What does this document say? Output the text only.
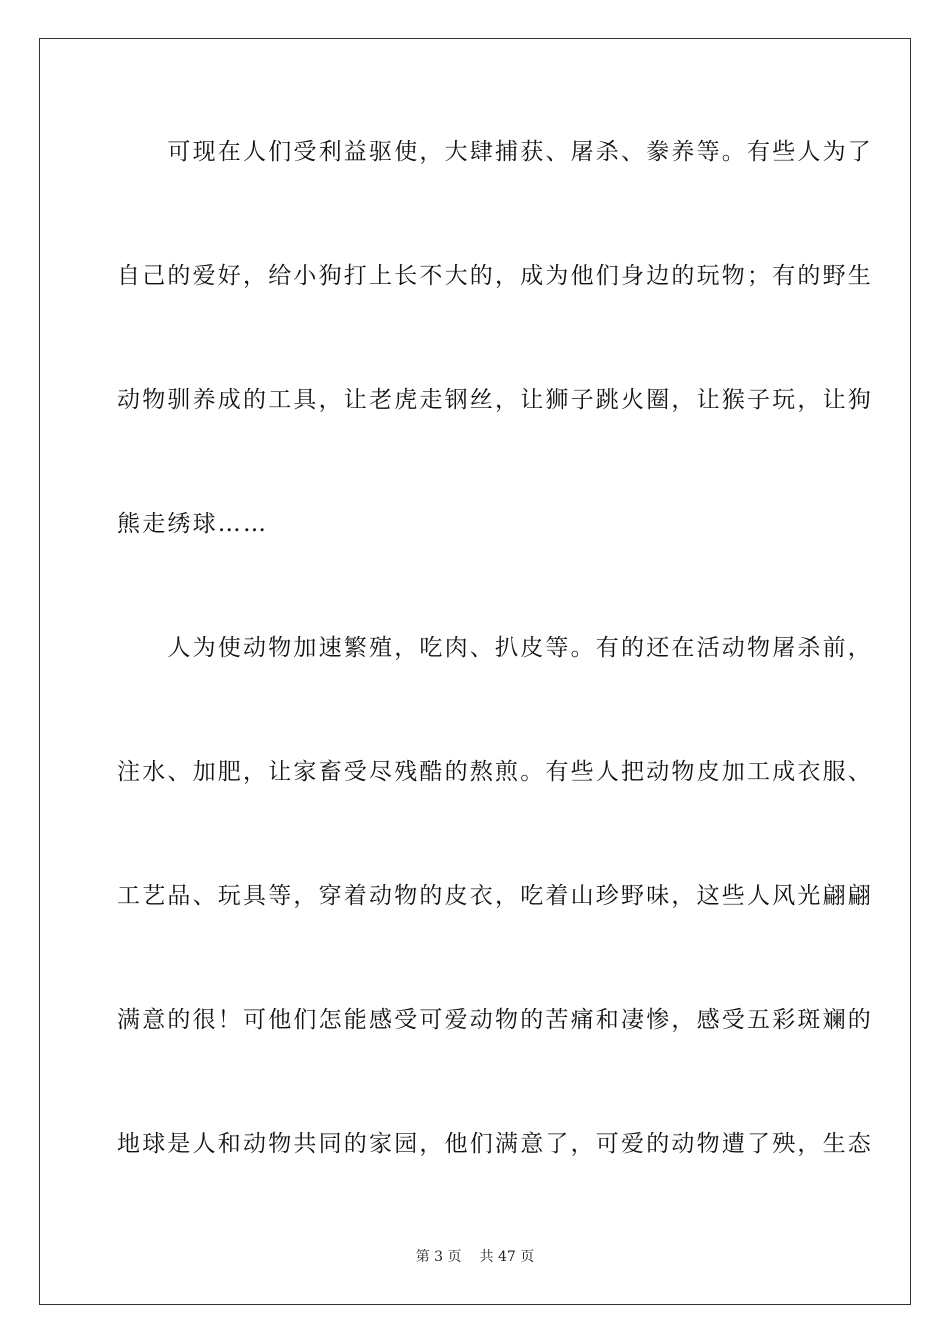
　　可现在人们受利益驱使，大肆捕获、屠杀、豢养等。有些人为了
自己的爱好，给小狗打上长不大的，成为他们身边的玩物；有的野生
动物驯养成的工具，让老虎走钢丝，让狮子跳火圈，让猴子玩，让狗
熊走绣球……
　　人为使动物加速繁殖，吃肉、扒皮等。有的还在活动物屠杀前，
注水、加肥，让家畜受尽残酷的熬煎。有些人把动物皮加工成衣服、
工艺品、玩具等，穿着动物的皮衣，吃着山珍野味，这些人风光翩翩
满意的很！可他们怎能感受可爱动物的苦痛和凄惨，感受五彩斑斓的
地球是人和动物共同的家园，他们满意了，可爱的动物遭了殃，生态
第 3 页 共 47 页
